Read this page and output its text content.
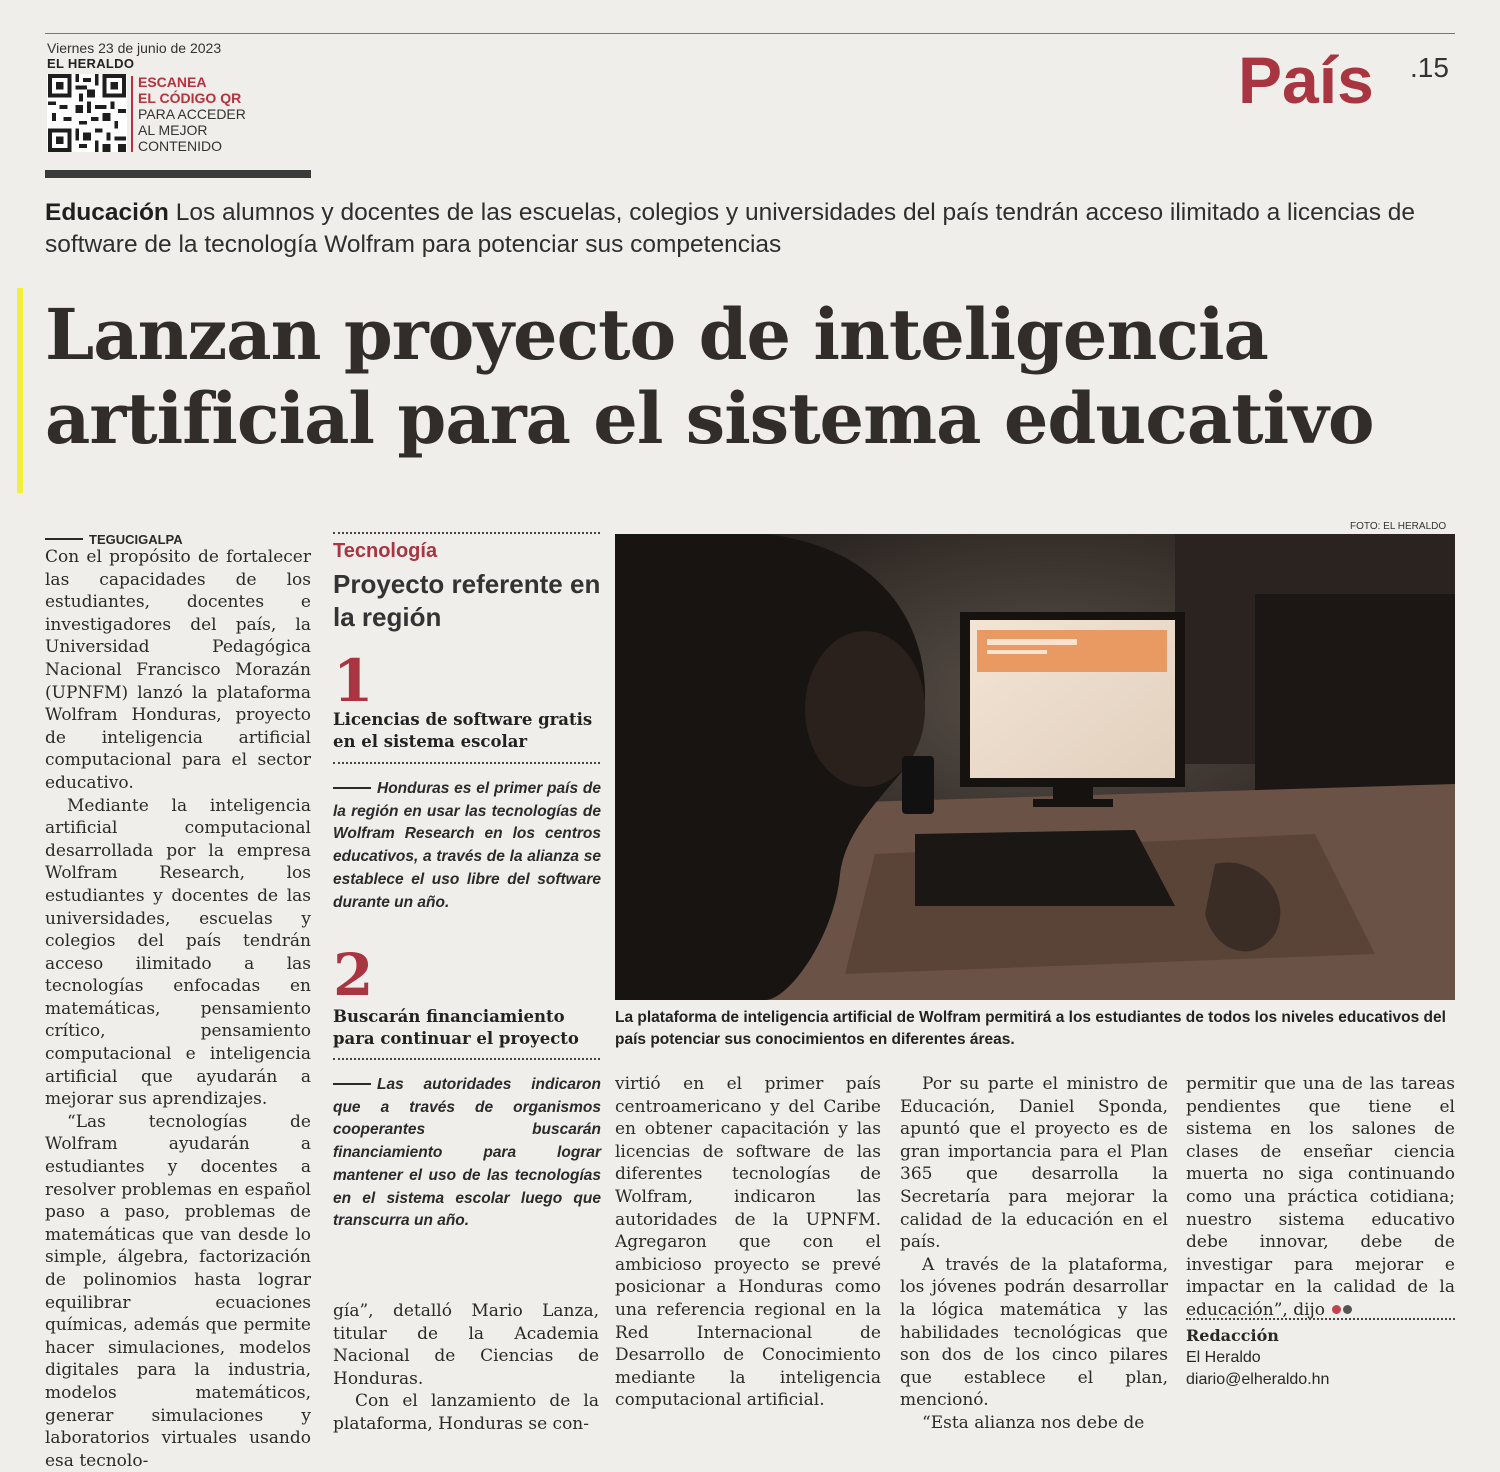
Viernes 23 de junio de 2023
EL HERALDO
ESCANEA
EL CÓDIGO QR
PARA ACCEDER
AL MEJOR
CONTENIDO
País .15
Educación Los alumnos y docentes de las escuelas, colegios y universidades del país tendrán acceso ilimitado a licencias de software de la tecnología Wolfram para potenciar sus competencias
Lanzan proyecto de inteligencia
artificial para el sistema educativo
TEGUCIGALPA

Con el propósito de fortalecer las capacidades de los estudiantes, docentes e investigadores del país, la Universidad Pedagógica Nacional Francisco Morazán (UPNFM) lanzó la plataforma Wolfram Honduras, proyecto de inteligencia artificial computacional para el sector educativo.

Mediante la inteligencia artificial computacional desarrollada por la empresa Wolfram Research, los estudiantes y docentes de las universidades, escuelas y colegios del país tendrán acceso ilimitado a las tecnologías enfocadas en matemáticas, pensamiento crítico, pensamiento computacional e inteligencia artificial que ayudarán a mejorar sus aprendizajes.

“Las tecnologías de Wolfram ayudarán a estudiantes y docentes a resolver problemas en español paso a paso, problemas de matemáticas que van desde lo simple, álgebra, factorización de polinomios hasta lograr equilibrar ecuaciones químicas, además que permite hacer simulaciones, modelos digitales para la industria, modelos matemáticos, generar simulaciones y laboratorios virtuales usando esa tecnolo-

Tecnología
Proyecto referente en la región
1
Licencias de software gratis en el sistema escolar
Honduras es el primer país de la región en usar las tecnologías de Wolfram Research en los centros educativos, a través de la alianza se establece el uso libre del software durante un año.
2
Buscarán financiamiento para continuar el proyecto
Las autoridades indicaron que a través de organismos cooperantes buscarán financiamiento para lograr mantener el uso de las tecnologías en el sistema escolar luego que transcurra un año.

gía”, detalló Mario Lanza, titular de la Academia Nacional de Ciencias de Honduras.

Con el lanzamiento de la plataforma, Honduras se con-

FOTO: EL HERALDO
La plataforma de inteligencia artificial de Wolfram permitirá a los estudiantes de todos los niveles educativos del país potenciar sus conocimientos en diferentes áreas.

virtió en el primer país centroamericano y del Caribe en obtener capacitación y las licencias de software de las diferentes tecnologías de Wolfram, indicaron las autoridades de la UPNFM. Agregaron que con el ambicioso proyecto se prevé posicionar a Honduras como una referencia regional en la Red Internacional de Desarrollo de Conocimiento mediante la inteligencia computacional artificial.

Por su parte el ministro de Educación, Daniel Sponda, apuntó que el proyecto es de gran importancia para el Plan 365 que desarrolla la Secretaría para mejorar la calidad de la educación en el país.

A través de la plataforma, los jóvenes podrán desarrollar la lógica matemática y las habilidades tecnológicas que son dos de los cinco pilares que establece el plan, mencionó.

“Esta alianza nos debe de

permitir que una de las tareas pendientes que tiene el sistema en los salones de clases de enseñar ciencia muerta no siga continuando como una práctica cotidiana; nuestro sistema educativo debe innovar, debe de investigar para mejorar e impactar en la calidad de la educación”, dijo

Redacción
El Heraldo
diario@elheraldo.hn
